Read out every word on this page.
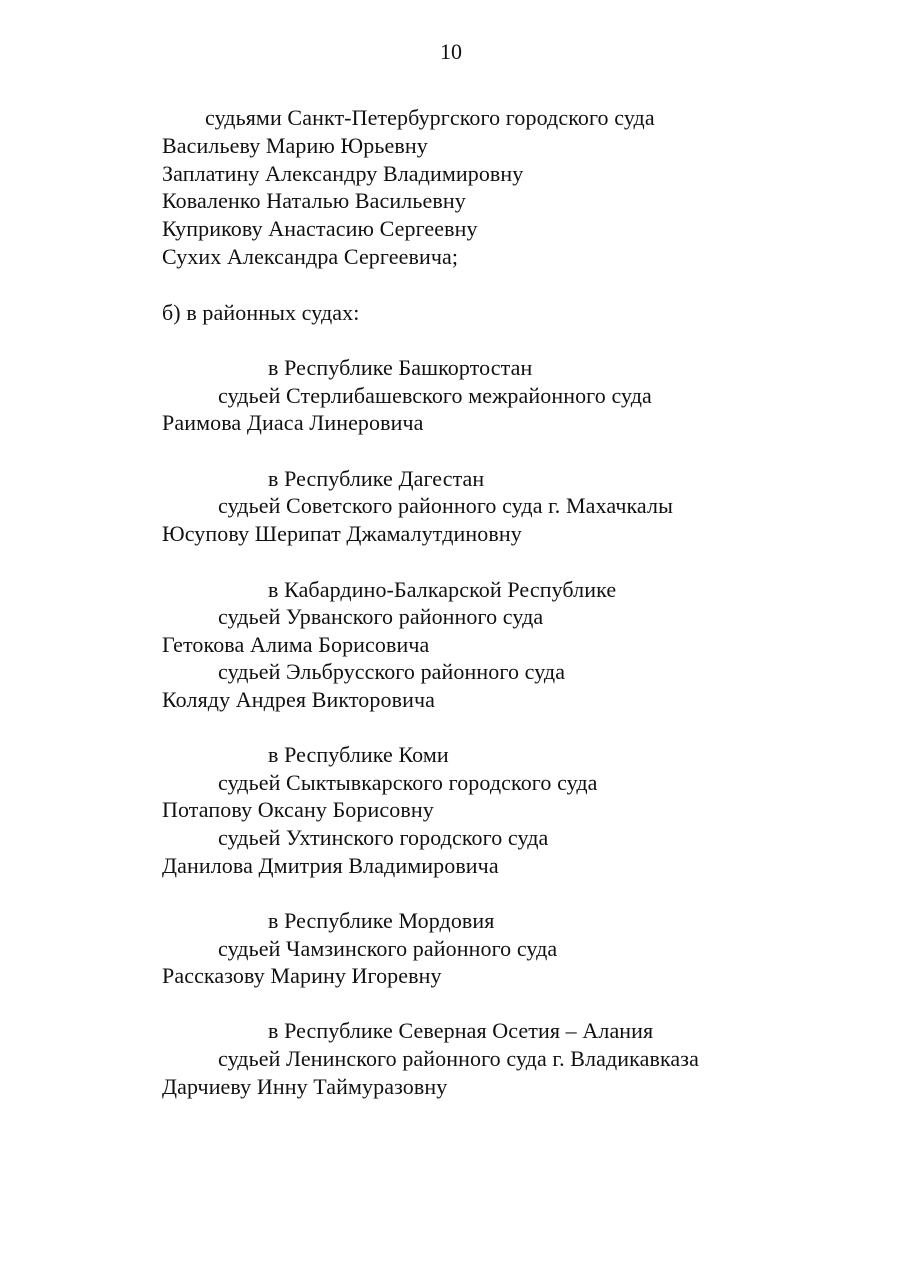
10
судьями Санкт-Петербургского городского суда
Васильеву Марию Юрьевну
Заплатину Александру Владимировну
Коваленко Наталью Васильевну
Куприкову Анастасию Сергеевну
Сухих Александра Сергеевича;
б) в районных судах:
в Республике Башкортостан
судьей Стерлибашевского межрайонного суда
Раимова Диаса Линеровича
в Республике Дагестан
судьей Советского районного суда г. Махачкалы
Юсупову Шерипат Джамалутдиновну
в Кабардино-Балкарской Республике
судьей Урванского районного суда
Гетокова Алима Борисовича
судьей Эльбрусского районного суда
Коляду Андрея Викторовича
в Республике Коми
судьей Сыктывкарского городского суда
Потапову Оксану Борисовну
судьей Ухтинского городского суда
Данилова Дмитрия Владимировича
в Республике Мордовия
судьей Чамзинского районного суда
Рассказову Марину Игоревну
в Республике Северная Осетия – Алания
судьей Ленинского районного суда г. Владикавказа
Дарчиеву Инну Таймуразовну
